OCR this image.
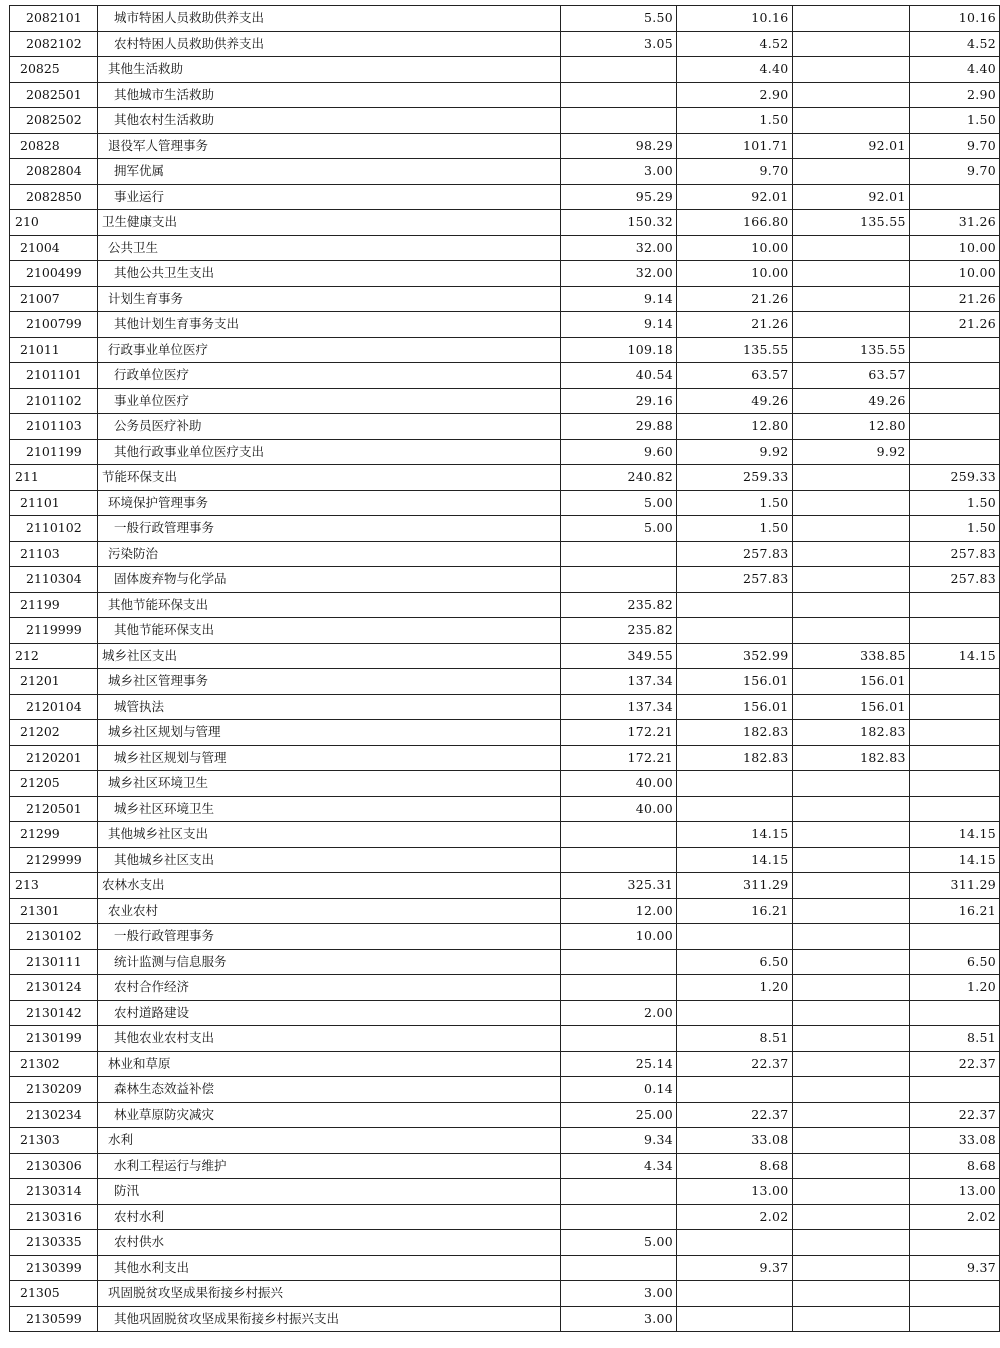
2082101	城市特困人员救助供养支出	5.50	10.16		10.16
2082102	农村特困人员救助供养支出	3.05	4.52		4.52
20825	其他生活救助		4.40		4.40
2082501	其他城市生活救助		2.90		2.90
2082502	其他农村生活救助		1.50		1.50
20828	退役军人管理事务	98.29	101.71	92.01	9.70
2082804	拥军优属	3.00	9.70		9.70
2082850	事业运行	95.29	92.01	92.01	
210	卫生健康支出	150.32	166.80	135.55	31.26
21004	公共卫生	32.00	10.00		10.00
2100499	其他公共卫生支出	32.00	10.00		10.00
21007	计划生育事务	9.14	21.26		21.26
2100799	其他计划生育事务支出	9.14	21.26		21.26
21011	行政事业单位医疗	109.18	135.55	135.55	
2101101	行政单位医疗	40.54	63.57	63.57	
2101102	事业单位医疗	29.16	49.26	49.26	
2101103	公务员医疗补助	29.88	12.80	12.80	
2101199	其他行政事业单位医疗支出	9.60	9.92	9.92	
211	节能环保支出	240.82	259.33		259.33
21101	环境保护管理事务	5.00	1.50		1.50
2110102	一般行政管理事务	5.00	1.50		1.50
21103	污染防治		257.83		257.83
2110304	固体废弃物与化学品		257.83		257.83
21199	其他节能环保支出	235.82			
2119999	其他节能环保支出	235.82			
212	城乡社区支出	349.55	352.99	338.85	14.15
21201	城乡社区管理事务	137.34	156.01	156.01	
2120104	城管执法	137.34	156.01	156.01	
21202	城乡社区规划与管理	172.21	182.83	182.83	
2120201	城乡社区规划与管理	172.21	182.83	182.83	
21205	城乡社区环境卫生	40.00			
2120501	城乡社区环境卫生	40.00			
21299	其他城乡社区支出		14.15		14.15
2129999	其他城乡社区支出		14.15		14.15
213	农林水支出	325.31	311.29		311.29
21301	农业农村	12.00	16.21		16.21
2130102	一般行政管理事务	10.00			
2130111	统计监测与信息服务		6.50		6.50
2130124	农村合作经济		1.20		1.20
2130142	农村道路建设	2.00			
2130199	其他农业农村支出		8.51		8.51
21302	林业和草原	25.14	22.37		22.37
2130209	森林生态效益补偿	0.14			
2130234	林业草原防灾减灾	25.00	22.37		22.37
21303	水利	9.34	33.08		33.08
2130306	水利工程运行与维护	4.34	8.68		8.68
2130314	防汛		13.00		13.00
2130316	农村水利		2.02		2.02
2130335	农村供水	5.00			
2130399	其他水利支出		9.37		9.37
21305	巩固脱贫攻坚成果衔接乡村振兴	3.00			
2130599	其他巩固脱贫攻坚成果衔接乡村振兴支出	3.00			
